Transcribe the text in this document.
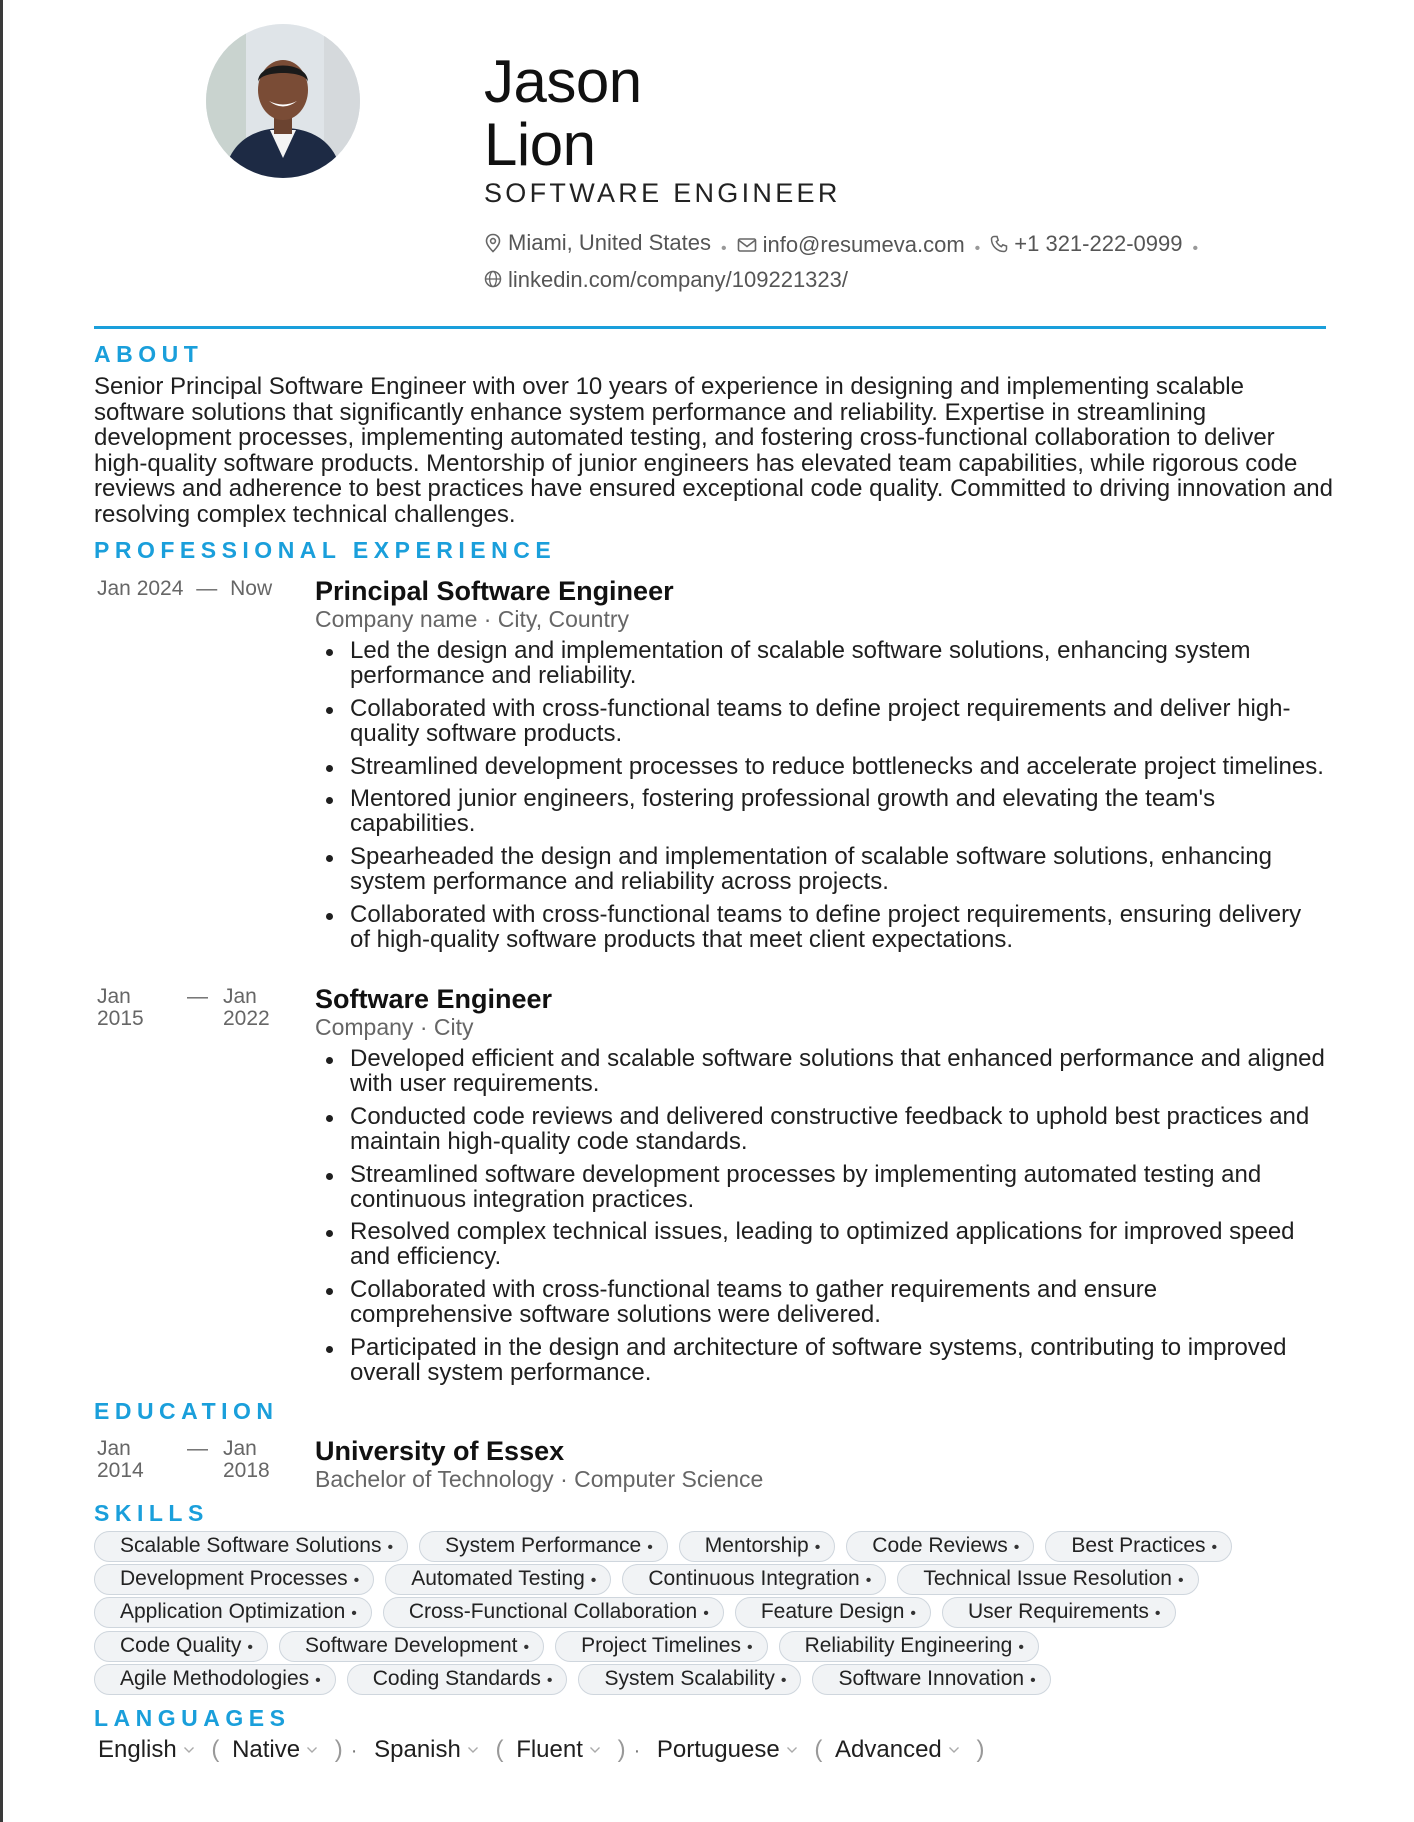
Jason
Lion
SOFTWARE ENGINEER
Miami, United States • info@resumeva.com • +1 321-222-0999 •

linkedin.com/company/109221323/
ABOUT
Senior Principal Software Engineer with over 10 years of experience in designing and implementing scalable software solutions that significantly enhance system performance and reliability. Expertise in streamlining development processes, implementing automated testing, and fostering cross-functional collaboration to deliver high-quality software products. Mentorship of junior engineers has elevated team capabilities, while rigorous code reviews and adherence to best practices have ensured exceptional code quality. Committed to driving innovation and resolving complex technical challenges.
PROFESSIONAL EXPERIENCE
Jan 2024 — Now Principal Software Engineer
Company name · City, Country
Led the design and implementation of scalable software solutions, enhancing system performance and reliability.
Collaborated with cross-functional teams to define project requirements and deliver high-quality software products.
Streamlined development processes to reduce bottlenecks and accelerate project timelines.
Mentored junior engineers, fostering professional growth and elevating the team's capabilities.
Spearheaded the design and implementation of scalable software solutions, enhancing system performance and reliability across projects.
Collaborated with cross-functional teams to define project requirements, ensuring delivery of high-quality software products that meet client expectations.
Jan 2015
— Jan 2022
Software Engineer
Company · City
Developed efficient and scalable software solutions that enhanced performance and aligned with user requirements.
Conducted code reviews and delivered constructive feedback to uphold best practices and maintain high-quality code standards.
Streamlined software development processes by implementing automated testing and continuous integration practices.
Resolved complex technical issues, leading to optimized applications for improved speed and efficiency.
Collaborated with cross-functional teams to gather requirements and ensure comprehensive software solutions were delivered.
Participated in the design and architecture of software systems, contributing to improved overall system performance.
EDUCATION
Jan 2014
— Jan 2018
University of Essex
Bachelor of Technology · Computer Science
SKILLS
Scalable Software Solutions • System Performance • Mentorship • Code Reviews • Best Practices •
Development Processes • Automated Testing • Continuous Integration • Technical Issue Resolution •
Application Optimization • Cross-Functional Collaboration • Feature Design • User Requirements •
Code Quality • Software Development • Project Timelines • Reliability Engineering •
Agile Methodologies • Coding Standards • System Scalability • Software Innovation •
LANGUAGES
English ( Native ) · Spanish ( Fluent ) · Portuguese ( Advanced )
